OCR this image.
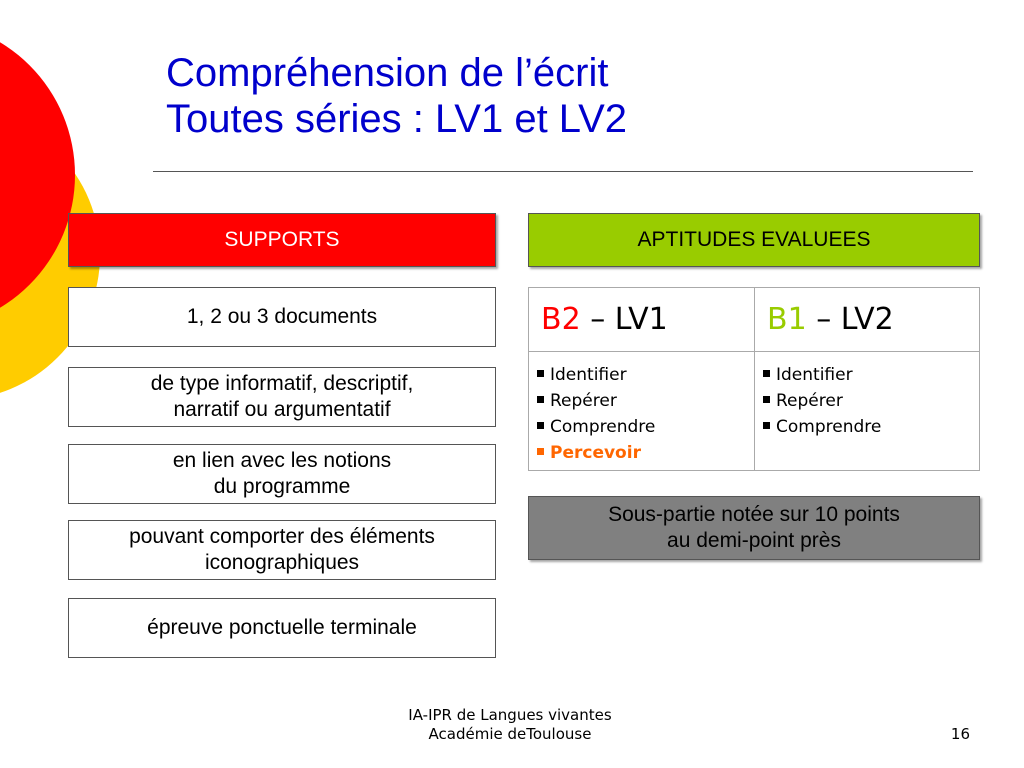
Compréhension de l’écrit
Toutes séries : LV1 et LV2
SUPPORTS	APTITUDES EVALUEES
1, 2 ou 3 documents
de type informatif, descriptif,
narratif ou argumentatif
en lien avec les notions
du programme
pouvant comporter des éléments
iconographiques
épreuve ponctuelle terminale
B2 – LV1
Identifier
Repérer
Comprendre
Percevoir
B1 – LV2
Identifier
Repérer
Comprendre
Sous-partie notée sur 10 points
au demi-point près
IA-IPR de Langues vivantes
Académie deToulouse	16
